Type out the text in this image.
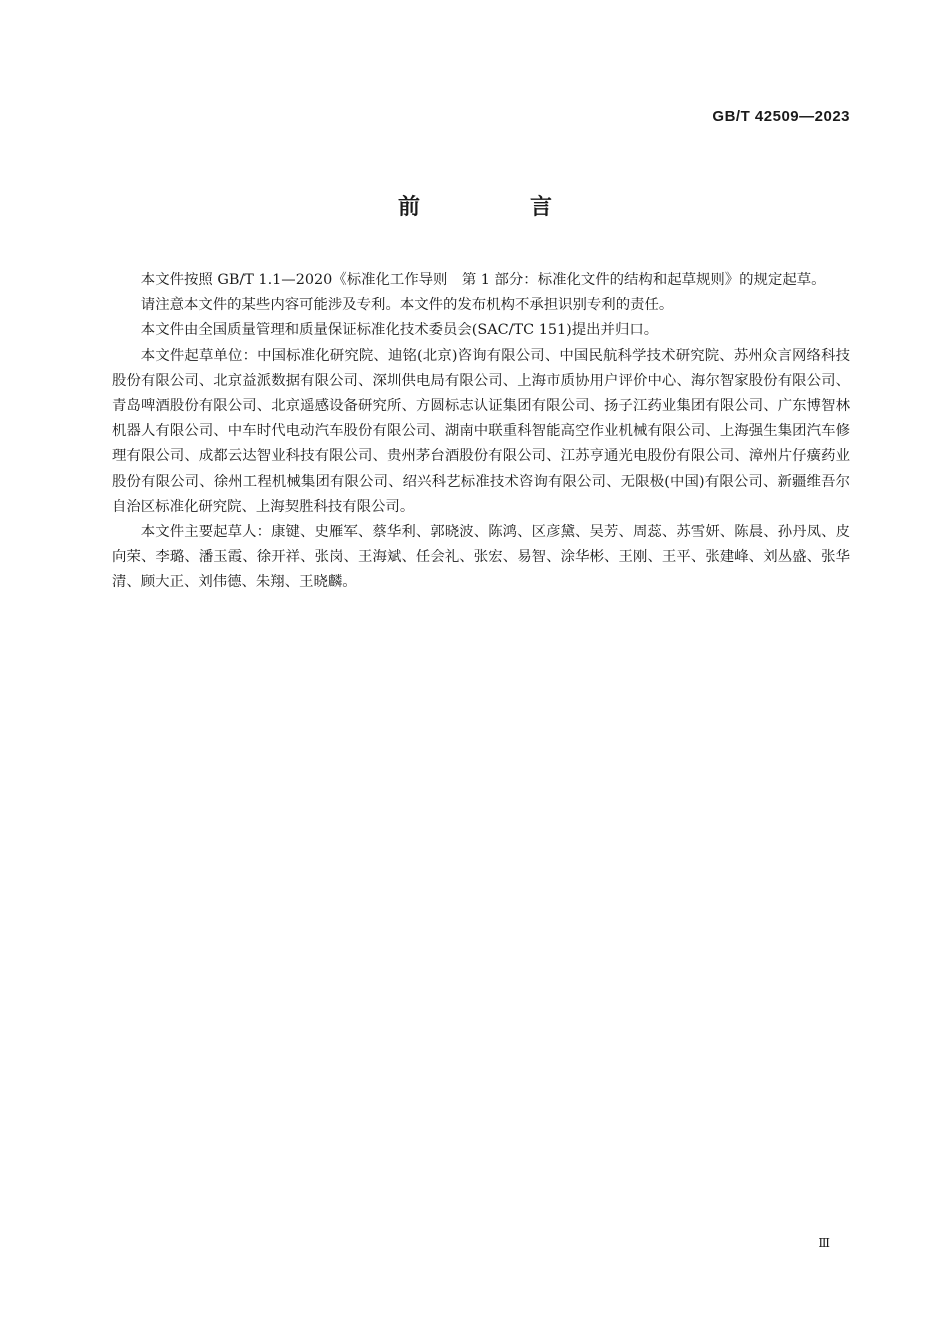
GB/T 42509—2023
前　言

本文件按照 GB/T 1.1—2020《标准化工作导则　第 1 部分：标准化文件的结构和起草规则》的规定起草。

请注意本文件的某些内容可能涉及专利。本文件的发布机构不承担识别专利的责任。

本文件由全国质量管理和质量保证标准化技术委员会(SAC/TC 151)提出并归口。

本文件起草单位：中国标准化研究院、迪铭(北京)咨询有限公司、中国民航科学技术研究院、苏州众言网络科技股份有限公司、北京益派数据有限公司、深圳供电局有限公司、上海市质协用户评价中心、海尔智家股份有限公司、青岛啤酒股份有限公司、北京遥感设备研究所、方圆标志认证集团有限公司、扬子江药业集团有限公司、广东博智林机器人有限公司、中车时代电动汽车股份有限公司、湖南中联重科智能高空作业机械有限公司、上海强生集团汽车修理有限公司、成都云达智业科技有限公司、贵州茅台酒股份有限公司、江苏亨通光电股份有限公司、漳州片仔癀药业股份有限公司、徐州工程机械集团有限公司、绍兴科艺标准技术咨询有限公司、无限极(中国)有限公司、新疆维吾尔自治区标准化研究院、上海契胜科技有限公司。

本文件主要起草人：康键、史雁军、蔡华利、郭晓波、陈鸿、区彦黛、吴芳、周蕊、苏雪妍、陈晨、孙丹凤、皮向荣、李璐、潘玉霞、徐开祥、张岗、王海斌、任会礼、张宏、易智、涂华彬、王刚、王平、张建峰、刘丛盛、张华清、顾大正、刘伟德、朱翔、王晓麟。

Ⅲ
